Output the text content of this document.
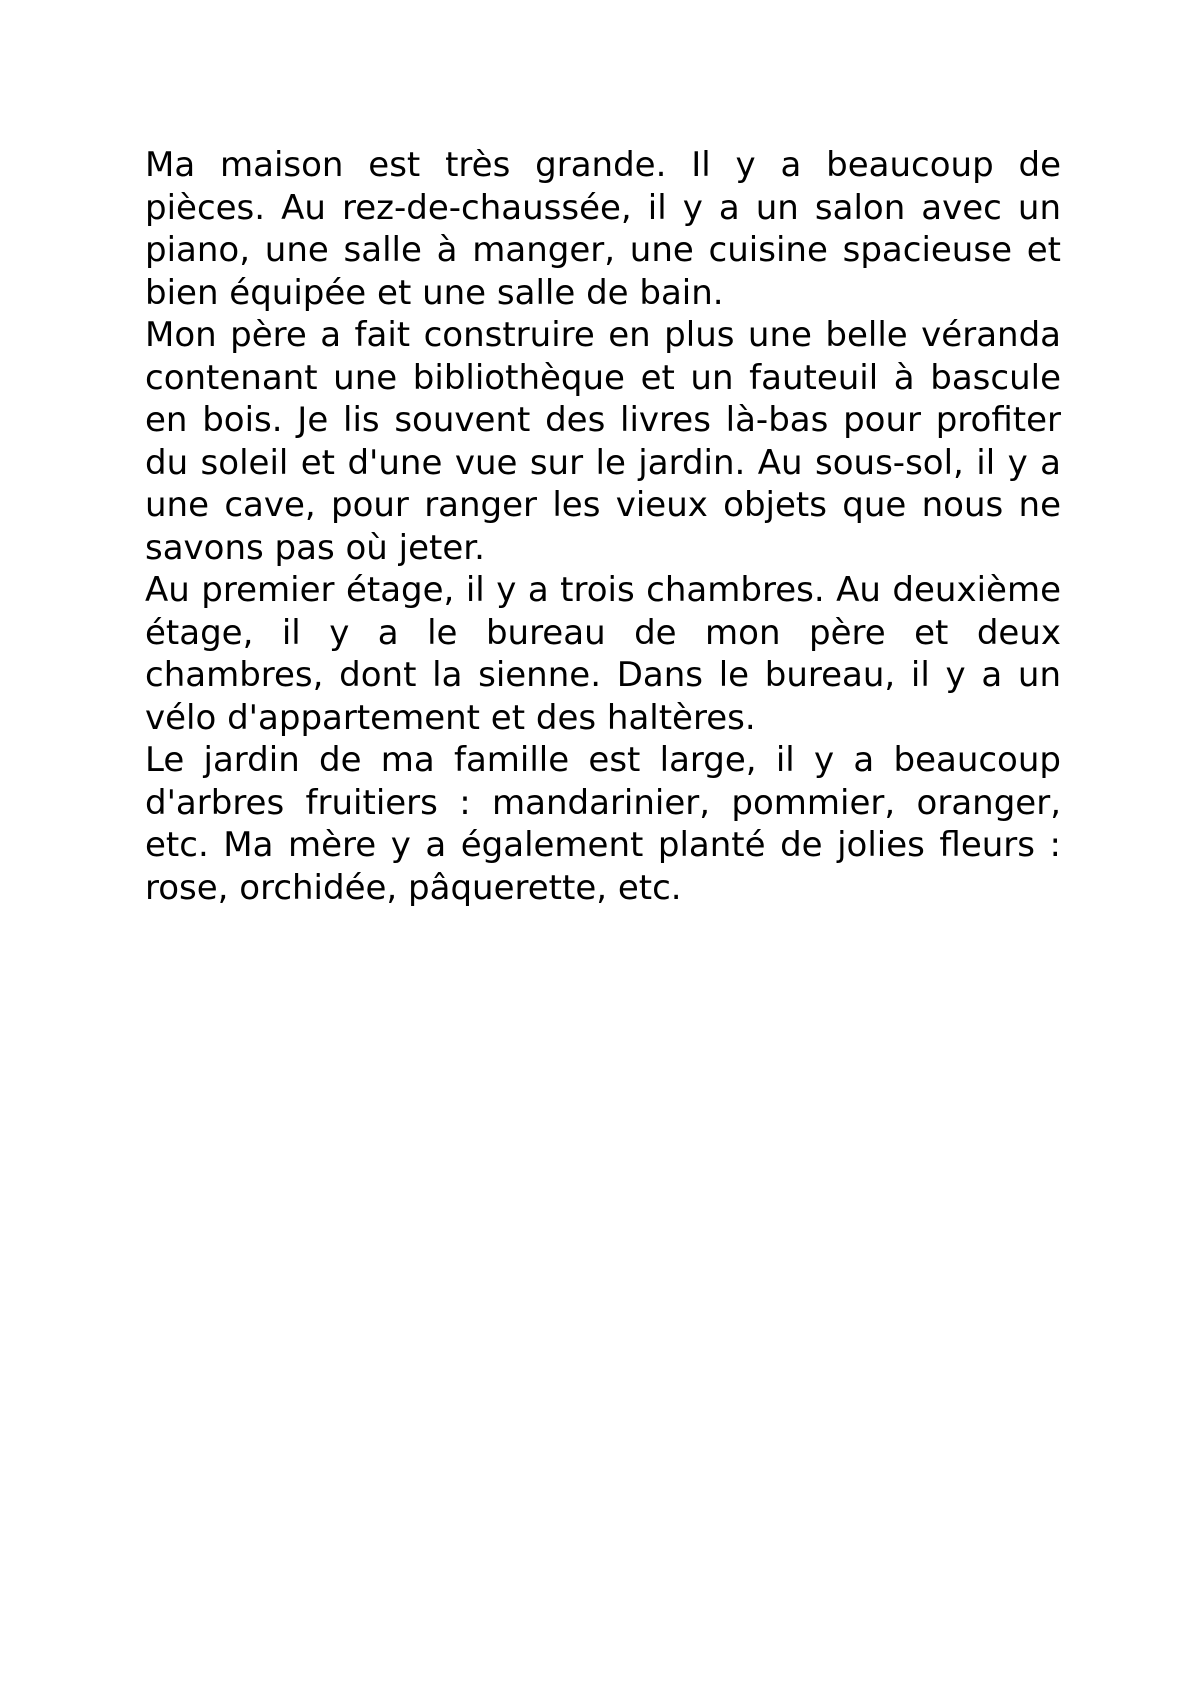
Ma maison est très grande. Il y a beaucoup de pièces. Au rez-de-chaussée, il y a un salon avec un piano, une salle à manger, une cuisine spacieuse et bien équipée et une salle de bain.

Mon père a fait construire en plus une belle véranda contenant une bibliothèque et un fauteuil à bascule en bois. Je lis souvent des livres là-bas pour profiter du soleil et d'une vue sur le jardin. Au sous-sol, il y a une cave, pour ranger les vieux objets que nous ne savons pas où jeter.

Au premier étage, il y a trois chambres. Au deuxième étage, il y a le bureau de mon père et deux chambres, dont la sienne. Dans le bureau, il y a un vélo d'appartement et des haltères.

Le jardin de ma famille est large, il y a beaucoup d'arbres fruitiers : mandarinier, pommier, oranger, etc. Ma mère y a également planté de jolies fleurs : rose, orchidée, pâquerette, etc.
